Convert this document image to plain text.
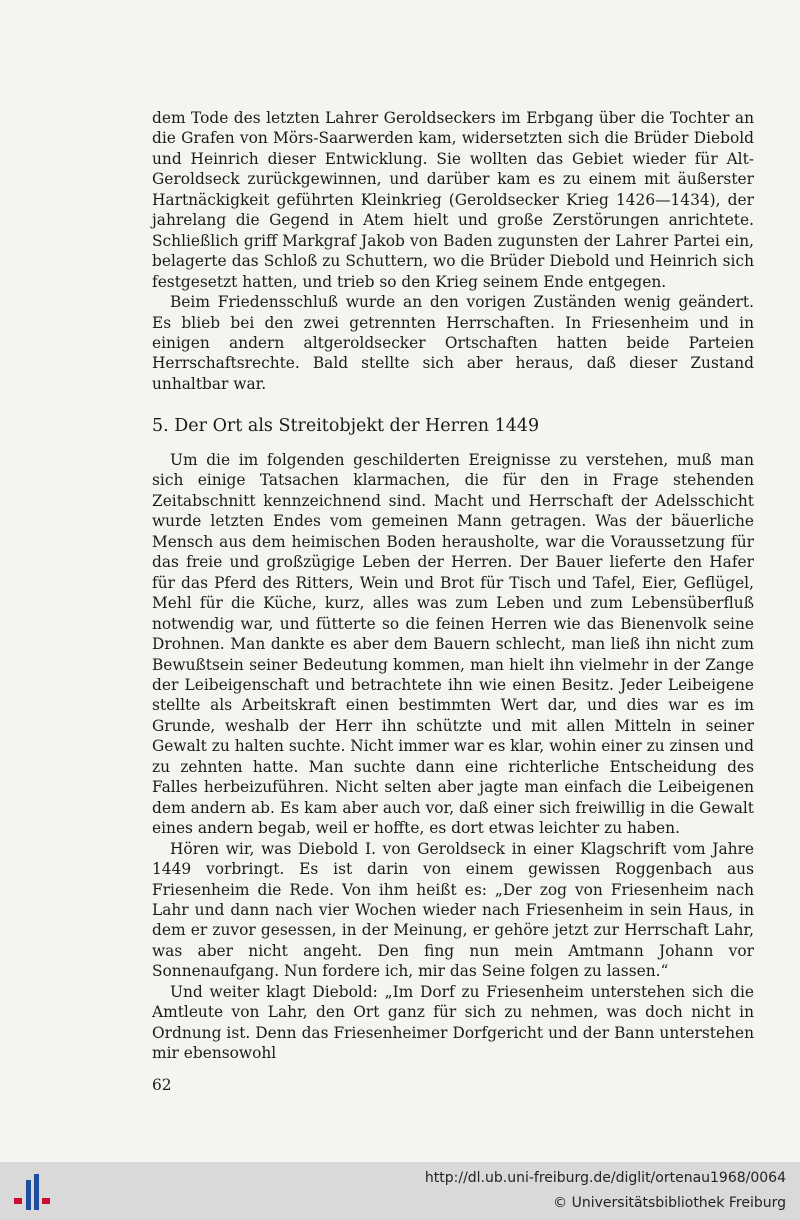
dem Tode des letzten Lahrer Geroldseckers im Erbgang über die Tochter an die Grafen von Mörs-Saarwerden kam, widersetzten sich die Brüder Diebold und Heinrich dieser Entwicklung. Sie wollten das Gebiet wieder für Alt-Geroldseck zurückgewinnen, und darüber kam es zu einem mit äußerster Hartnäckigkeit geführten Kleinkrieg (Geroldsecker Krieg 1426—1434), der jahrelang die Gegend in Atem hielt und große Zerstörungen anrichtete. Schließlich griff Markgraf Jakob von Baden zugunsten der Lahrer Partei ein, belagerte das Schloß zu Schuttern, wo die Brüder Diebold und Heinrich sich festgesetzt hatten, und trieb so den Krieg seinem Ende entgegen.

Beim Friedensschluß wurde an den vorigen Zuständen wenig geändert. Es blieb bei den zwei getrennten Herrschaften. In Friesenheim und in einigen andern altgeroldsecker Ortschaften hatten beide Parteien Herrschaftsrechte. Bald stellte sich aber heraus, daß dieser Zustand unhaltbar war.

5. Der Ort als Streitobjekt der Herren 1449

Um die im folgenden geschilderten Ereignisse zu verstehen, muß man sich einige Tatsachen klarmachen, die für den in Frage stehenden Zeitabschnitt kennzeichnend sind. Macht und Herrschaft der Adelsschicht wurde letzten Endes vom gemeinen Mann getragen. Was der bäuerliche Mensch aus dem heimischen Boden herausholte, war die Voraussetzung für das freie und großzügige Leben der Herren. Der Bauer lieferte den Hafer für das Pferd des Ritters, Wein und Brot für Tisch und Tafel, Eier, Geflügel, Mehl für die Küche, kurz, alles was zum Leben und zum Lebensüberfluß notwendig war, und fütterte so die feinen Herren wie das Bienenvolk seine Drohnen. Man dankte es aber dem Bauern schlecht, man ließ ihn nicht zum Bewußtsein seiner Bedeutung kommen, man hielt ihn vielmehr in der Zange der Leibeigenschaft und betrachtete ihn wie einen Besitz. Jeder Leibeigene stellte als Arbeitskraft einen bestimmten Wert dar, und dies war es im Grunde, weshalb der Herr ihn schützte und mit allen Mitteln in seiner Gewalt zu halten suchte. Nicht immer war es klar, wohin einer zu zinsen und zu zehnten hatte. Man suchte dann eine richterliche Entscheidung des Falles herbeizuführen. Nicht selten aber jagte man einfach die Leibeigenen dem andern ab. Es kam aber auch vor, daß einer sich freiwillig in die Gewalt eines andern begab, weil er hoffte, es dort etwas leichter zu haben.

Hören wir, was Diebold I. von Geroldseck in einer Klagschrift vom Jahre 1449 vorbringt. Es ist darin von einem gewissen Roggenbach aus Friesenheim die Rede. Von ihm heißt es: „Der zog von Friesenheim nach Lahr und dann nach vier Wochen wieder nach Friesenheim in sein Haus, in dem er zuvor gesessen, in der Meinung, er gehöre jetzt zur Herrschaft Lahr, was aber nicht angeht. Den fing nun mein Amtmann Johann vor Sonnenaufgang. Nun fordere ich, mir das Seine folgen zu lassen.“

Und weiter klagt Diebold: „Im Dorf zu Friesenheim unterstehen sich die Amtleute von Lahr, den Ort ganz für sich zu nehmen, was doch nicht in Ordnung ist. Denn das Friesenheimer Dorfgericht und der Bann unterstehen mir ebensowohl

62
http://dl.ub.uni-freiburg.de/diglit/ortenau1968/0064
© Universitätsbibliothek Freiburg
